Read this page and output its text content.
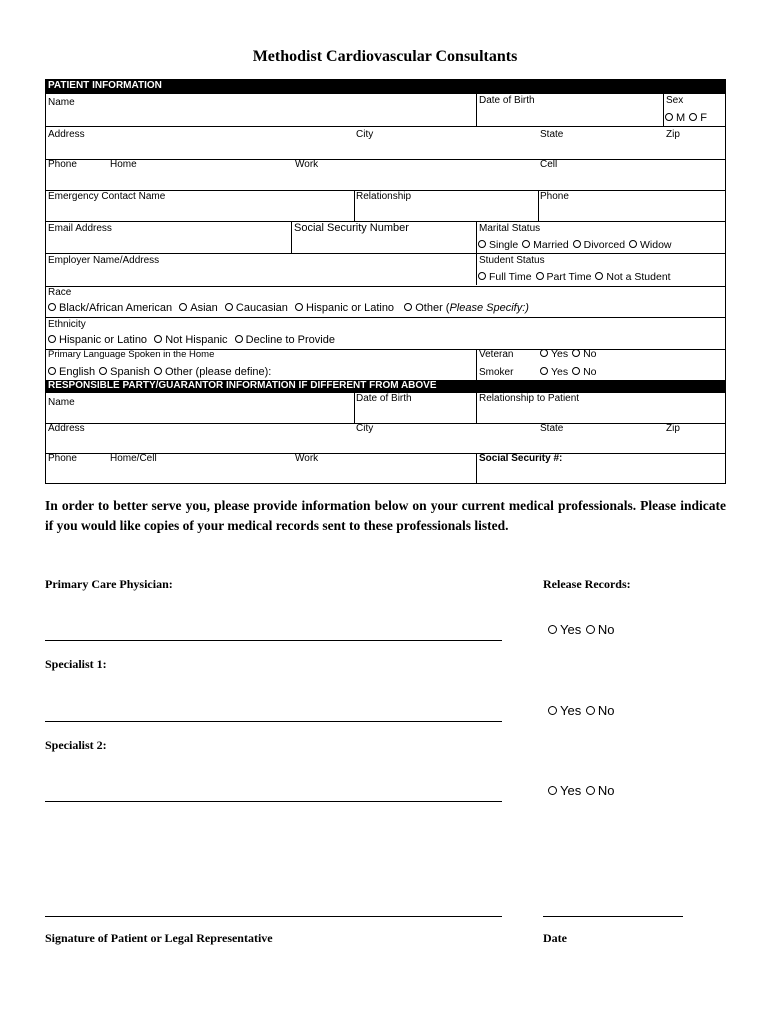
Methodist Cardiovascular Consultants
PATIENT INFORMATION
Name	Date of Birth	Sex
M F
Address	City	State	Zip
Phone	Home	Work	Cell
Emergency Contact Name	Relationship	Phone
Email Address	Social Security Number	Marital Status
Single Married Divorced Widow
Employer Name/Address	Student Status
Full Time Part Time Not a Student
Race
Black/African American Asian Caucasian Hispanic or Latino Other (Please Specify:)
Ethnicity
Hispanic or Latino Not Hispanic Decline to Provide
Primary Language Spoken in the Home
English Spanish Other (please define):
Veteran	Yes No
Smoker	Yes No
RESPONSIBLE PARTY/GUARANTOR INFORMATION IF DIFFERENT FROM ABOVE
Name	Date of Birth	Relationship to Patient
Address	City	State	Zip
Phone	Home/Cell	Work	Social Security #:
In order to better serve you, please provide information below on your current medical professionals. Please indicate if you would like copies of your medical records sent to these professionals listed.
Primary Care Physician:	Release Records:
Yes No
Specialist 1:
Yes No
Specialist 2:
Yes No
Signature of Patient or Legal Representative	Date
